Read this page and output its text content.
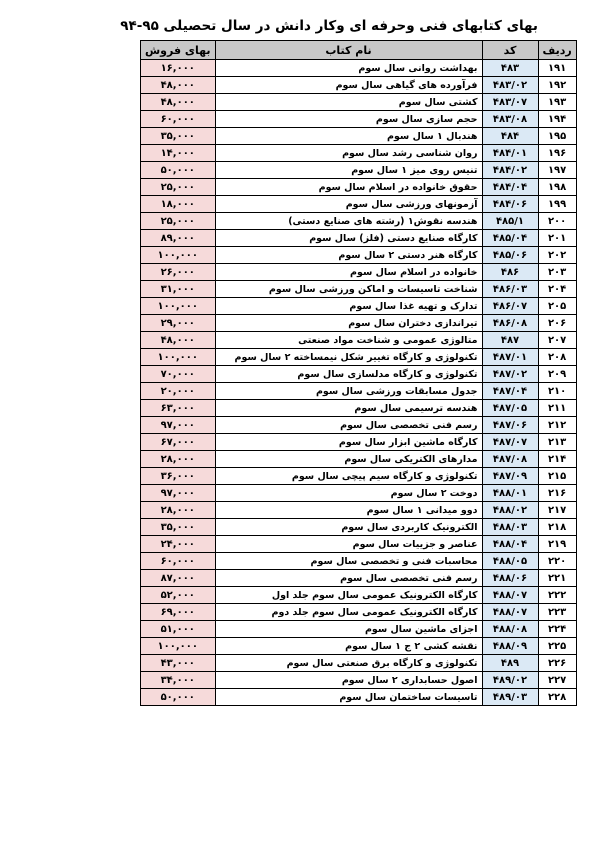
بهای کتابهای فنی وحرفه ای وکار دانش در سال تحصیلی ۹۵-۹۴
بهای فروش	نام کتاب	کد	ردیف
۱۶,۰۰۰	بهداشت روانی سال سوم	۴۸۳	۱۹۱
۴۸,۰۰۰	فرآورده های گیاهی سال سوم	۴۸۳/۰۲	۱۹۲
۴۸,۰۰۰	کشتی سال سوم	۴۸۳/۰۷	۱۹۳
۶۰,۰۰۰	حجم سازی سال سوم	۴۸۳/۰۸	۱۹۴
۳۵,۰۰۰	هندبال ۱ سال سوم	۴۸۴	۱۹۵
۱۴,۰۰۰	روان شناسی رشد سال سوم	۴۸۴/۰۱	۱۹۶
۵۰,۰۰۰	تنیس روی میز ۱ سال سوم	۴۸۴/۰۲	۱۹۷
۲۵,۰۰۰	حقوق خانواده در اسلام سال سوم	۴۸۴/۰۴	۱۹۸
۱۸,۰۰۰	آزمونهای ورزشی سال سوم	۴۸۴/۰۶	۱۹۹
۲۵,۰۰۰	هندسه نقوش۱ (رشته های صنایع دستی)	۴۸۵/۱	۲۰۰
۸۹,۰۰۰	کارگاه صنایع دستی (فلز) سال سوم	۴۸۵/۰۴	۲۰۱
۱۰۰,۰۰۰	کارگاه هنر دستی ۲ سال سوم	۴۸۵/۰۶	۲۰۲
۲۶,۰۰۰	خانواده در اسلام سال سوم	۴۸۶	۲۰۳
۳۱,۰۰۰	شناخت تاسیسات و اماکن ورزشی سال سوم	۴۸۶/۰۳	۲۰۴
۱۰۰,۰۰۰	تدارک و تهیه غذا سال سوم	۴۸۶/۰۷	۲۰۵
۲۹,۰۰۰	تیراندازی دختران سال سوم	۴۸۶/۰۸	۲۰۶
۴۸,۰۰۰	متالوژی عمومی و شناخت مواد صنعتی	۴۸۷	۲۰۷
۱۰۰,۰۰۰	تکنولوژی و کارگاه تغییر شکل نیمساخته ۲ سال سوم	۴۸۷/۰۱	۲۰۸
۷۰,۰۰۰	تکنولوژی و کارگاه مدلسازی سال سوم	۴۸۷/۰۲	۲۰۹
۲۰,۰۰۰	جدول مسابقات ورزشی سال سوم	۴۸۷/۰۴	۲۱۰
۶۳,۰۰۰	هندسه ترسیمی سال سوم	۴۸۷/۰۵	۲۱۱
۹۷,۰۰۰	رسم فنی تخصصی سال سوم	۴۸۷/۰۶	۲۱۲
۶۷,۰۰۰	کارگاه ماشین ابزار سال سوم	۴۸۷/۰۷	۲۱۳
۲۸,۰۰۰	مدارهای الکتریکی سال سوم	۴۸۷/۰۸	۲۱۴
۳۶,۰۰۰	تکنولوژی و کارگاه سیم پیچی سال سوم	۴۸۷/۰۹	۲۱۵
۹۷,۰۰۰	دوخت ۲ سال سوم	۴۸۸/۰۱	۲۱۶
۲۸,۰۰۰	دوو میدانی ۱ سال سوم	۴۸۸/۰۲	۲۱۷
۳۵,۰۰۰	الکترونیک کاربردی سال سوم	۴۸۸/۰۳	۲۱۸
۲۴,۰۰۰	عناصر و جزییات سال سوم	۴۸۸/۰۴	۲۱۹
۶۰,۰۰۰	محاسبات فنی و تخصصی سال سوم	۴۸۸/۰۵	۲۲۰
۸۷,۰۰۰	رسم فنی تخصصی سال سوم	۴۸۸/۰۶	۲۲۱
۵۲,۰۰۰	کارگاه الکترونیک عمومی سال سوم جلد اول	۴۸۸/۰۷	۲۲۲
۶۹,۰۰۰	کارگاه الکترونیک عمومی سال سوم جلد دوم	۴۸۸/۰۷	۲۲۳
۵۱,۰۰۰	اجزای ماشین سال سوم	۴۸۸/۰۸	۲۲۴
۱۰۰,۰۰۰	نقشه کشی ۲ ج ۱ سال سوم	۴۸۸/۰۹	۲۲۵
۴۳,۰۰۰	تکنولوژی و کارگاه برق صنعتی سال سوم	۴۸۹	۲۲۶
۳۴,۰۰۰	اصول حسابداری ۲ سال سوم	۴۸۹/۰۲	۲۲۷
۵۰,۰۰۰	تاسیسات ساختمان سال سوم	۴۸۹/۰۳	۲۲۸
